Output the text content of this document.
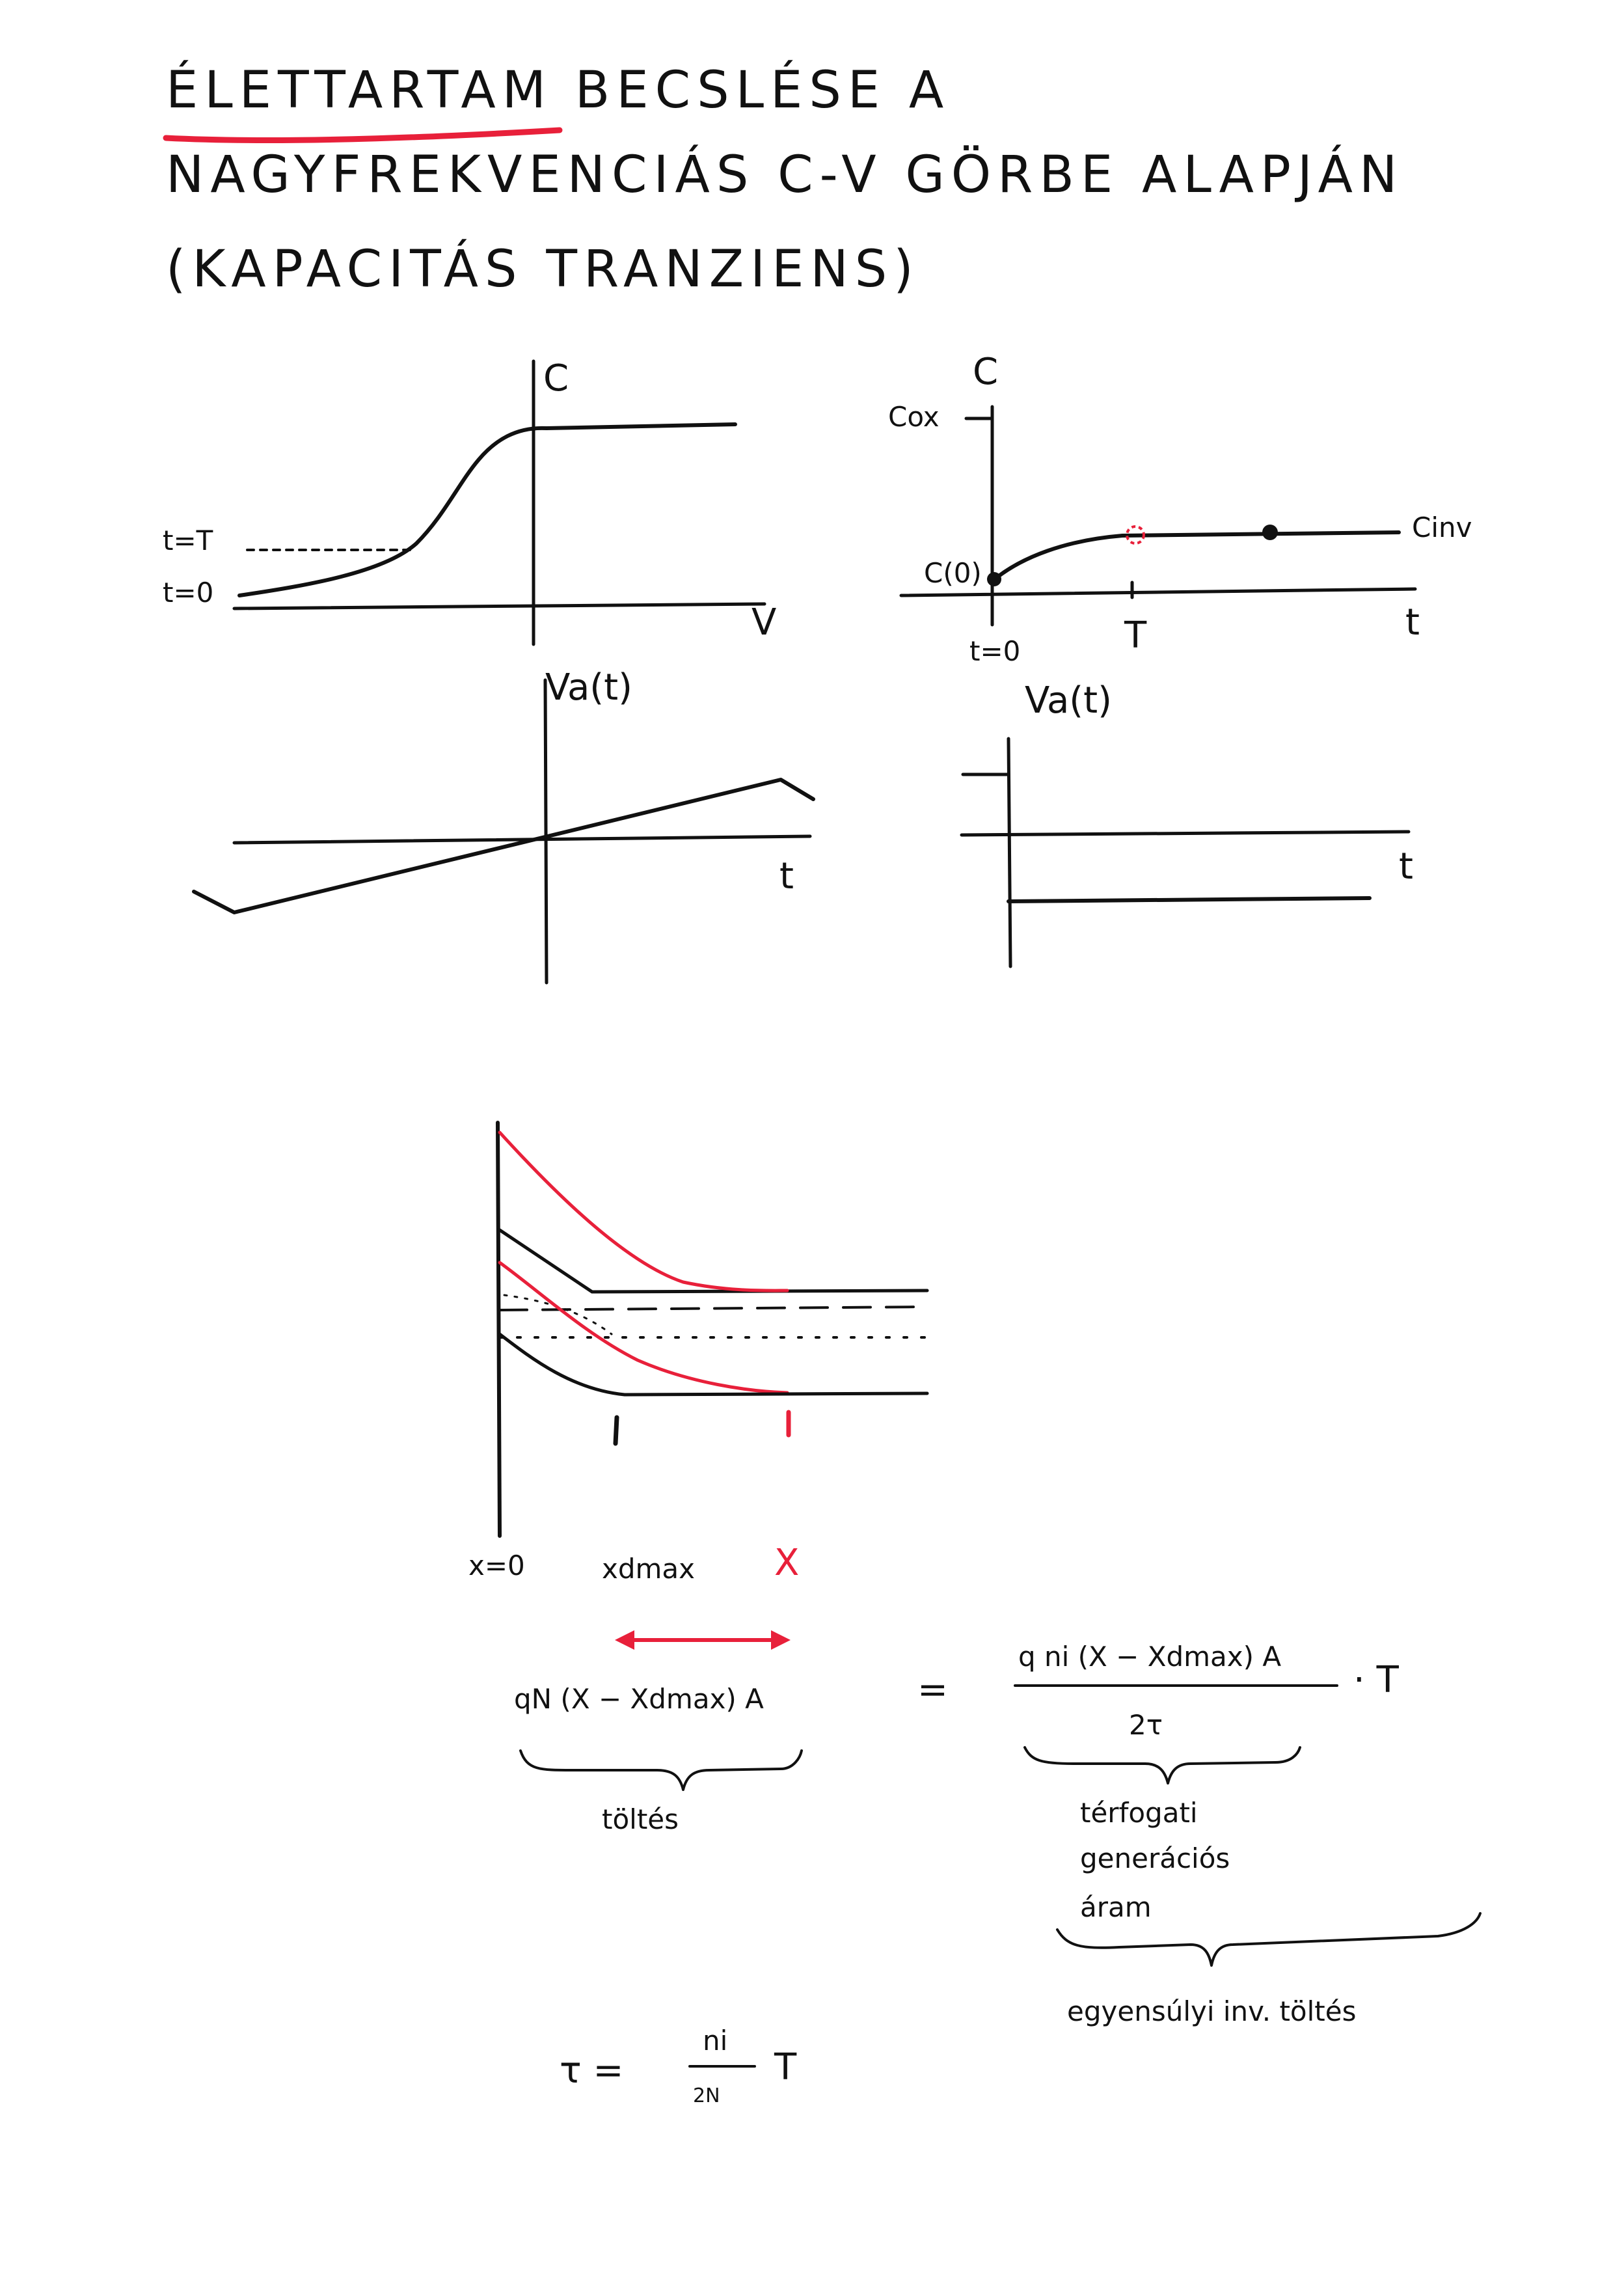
ÉLETTARTAM BECSLÉSE A
NAGYFREKVENCIÁS C-V GÖRBE ALAPJÁN
(KAPACITÁS TRANZIENS)
C
V
t=T
t=0
C
Cox
C(0)
Cinv
t=0	T	t
Va(t)
t
Va(t)
t
x=0	xdmax X
qN (X − Xdmax) A	=
q ni (X − Xdmax) A
2τ
· T
töltés	térfogati
generációs
áram
egyensúlyi inv. töltés
τ =
ni
2N
T
